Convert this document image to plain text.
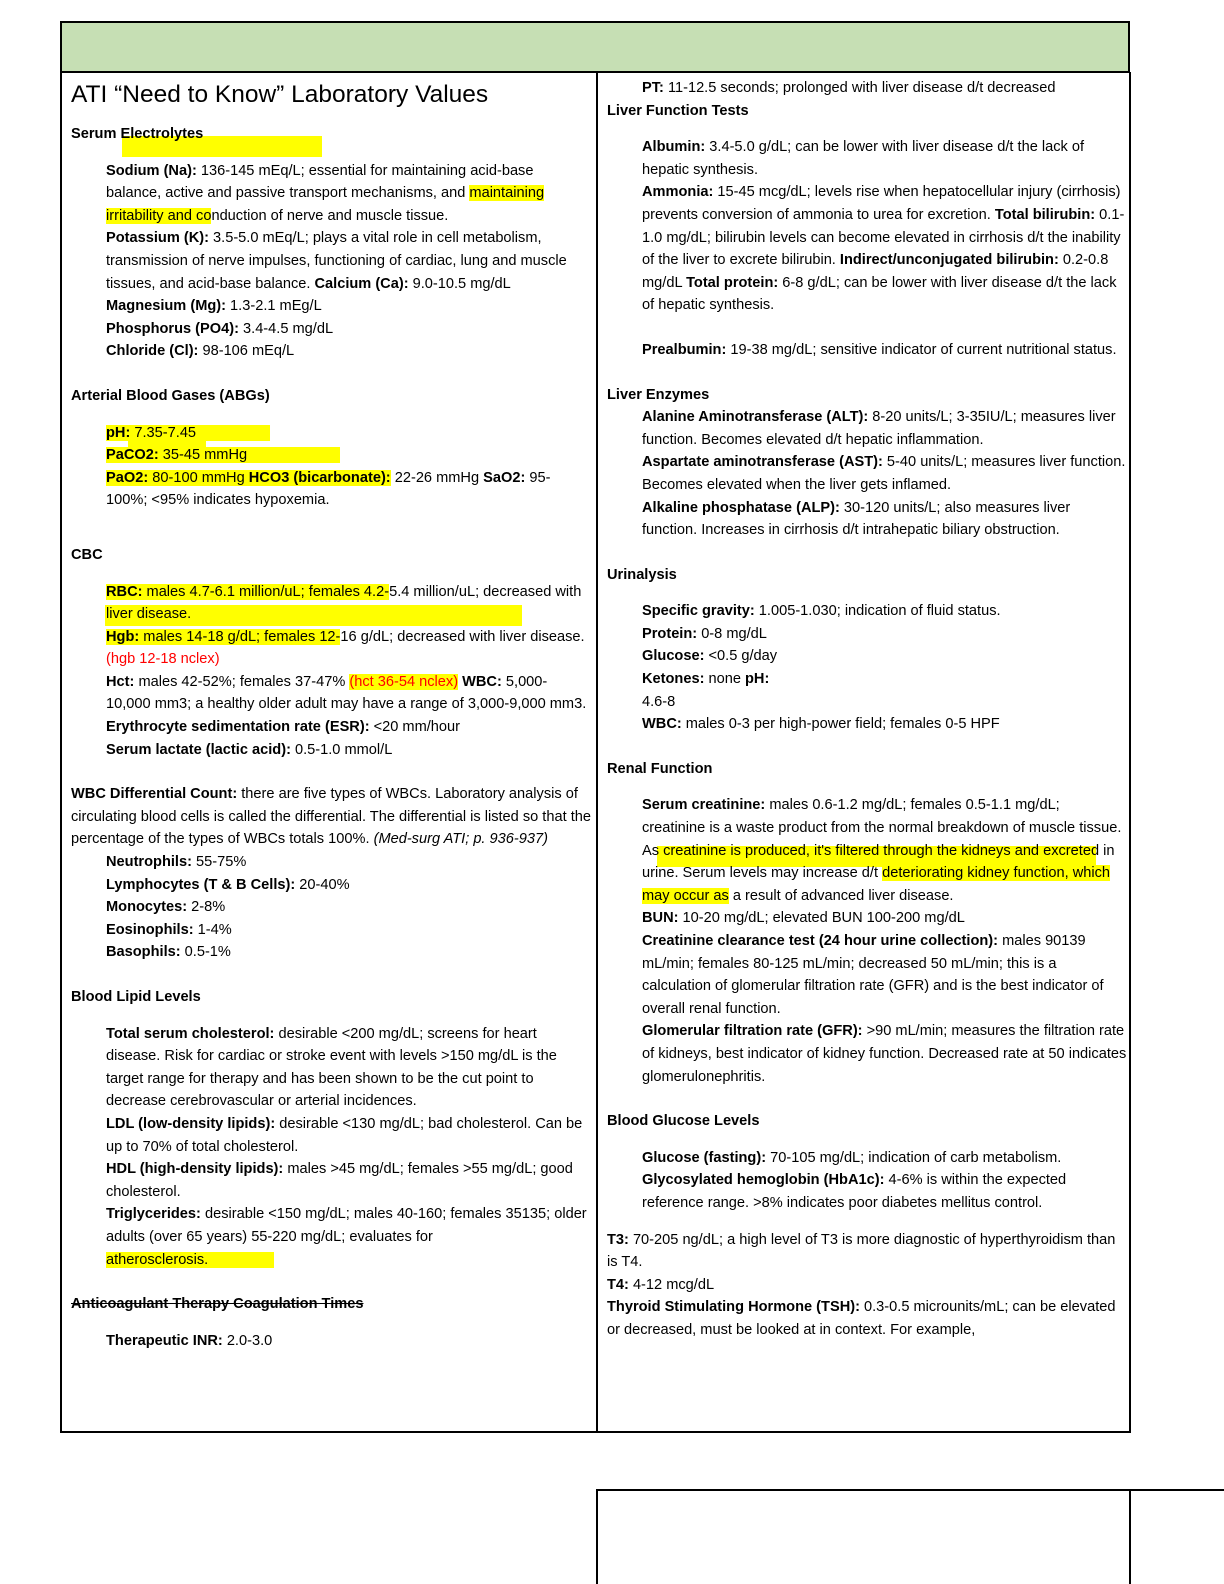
ATI “Need to Know” Laboratory Values

Serum Electrolytes

Sodium (Na): 136-145 mEq/L; essential for maintaining acid-base balance, active and passive transport mechanisms, and maintaining irritability and conduction of nerve and muscle tissue.

Potassium (K): 3.5-5.0 mEq/L; plays a vital role in cell metabolism, transmission of nerve impulses, functioning of cardiac, lung and muscle tissues, and acid-base balance. Calcium (Ca): 9.0-10.5 mg/dL

Magnesium (Mg): 1.3-2.1 mEg/L

Phosphorus (PO4): 3.4-4.5 mg/dL

Chloride (Cl): 98-106 mEq/L

Arterial Blood Gases (ABGs)

pH: 7.35-7.45

PaCO2: 35-45 mmHg

PaO2: 80-100 mmHg HCO3 (bicarbonate): 22-26 mmHg SaO2: 95-100%; <95% indicates hypoxemia.

CBC

RBC: males 4.7-6.1 million/uL; females 4.2-5.4 million/uL; decreased with liver disease.

Hgb: males 14-18 g/dL; females 12-16 g/dL; decreased with liver disease. (hgb 12-18 nclex)

Hct: males 42-52%; females 37-47% (hct 36-54 nclex) WBC: 5,000-10,000 mm3; a healthy older adult may have a range of 3,000-9,000 mm3.

Erythrocyte sedimentation rate (ESR): <20 mm/hour

Serum lactate (lactic acid): 0.5-1.0 mmol/L

WBC Differential Count: there are five types of WBCs. Laboratory analysis of circulating blood cells is called the differential. The differential is listed so that the percentage of the types of WBCs totals 100%. (Med-surg ATI; p. 936-937)

Neutrophils: 55-75%

Lymphocytes (T & B Cells): 20-40%

Monocytes: 2-8%

Eosinophils: 1-4%

Basophils: 0.5-1%

Blood Lipid Levels

Total serum cholesterol: desirable <200 mg/dL; screens for heart disease. Risk for cardiac or stroke event with levels >150 mg/dL is the target range for therapy and has been shown to be the cut point to decrease cerebrovascular or arterial incidences.

LDL (low-density lipids): desirable <130 mg/dL; bad cholesterol. Can be up to 70% of total cholesterol.

HDL (high-density lipids): males >45 mg/dL; females >55 mg/dL; good cholesterol.

Triglycerides: desirable <150 mg/dL; males 40-160; females 35135; older adults (over 65 years) 55-220 mg/dL; evaluates for atherosclerosis.

Anticoagulant Therapy Coagulation Times

Therapeutic INR: 2.0-3.0

PT: 11-12.5 seconds; prolonged with liver disease d/t decreased

Liver Function Tests

Albumin: 3.4-5.0 g/dL; can be lower with liver disease d/t the lack of hepatic synthesis.

Ammonia: 15-45 mcg/dL; levels rise when hepatocellular injury (cirrhosis) prevents conversion of ammonia to urea for excretion. Total bilirubin: 0.1-1.0 mg/dL; bilirubin levels can become elevated in cirrhosis d/t the inability of the liver to excrete bilirubin. Indirect/unconjugated bilirubin: 0.2-0.8 mg/dL Total protein: 6-8 g/dL; can be lower with liver disease d/t the lack of hepatic synthesis.

Prealbumin: 19-38 mg/dL; sensitive indicator of current nutritional status.

Liver Enzymes

Alanine Aminotransferase (ALT): 8-20 units/L; 3-35IU/L; measures liver function. Becomes elevated d/t hepatic inflammation.

Aspartate aminotransferase (AST): 5-40 units/L; measures liver function. Becomes elevated when the liver gets inflamed.

Alkaline phosphatase (ALP): 30-120 units/L; also measures liver function. Increases in cirrhosis d/t intrahepatic biliary obstruction.

Urinalysis

Specific gravity: 1.005-1.030; indication of fluid status.

Protein: 0-8 mg/dL

Glucose: <0.5 g/day

Ketones: none pH:
4.6-8

WBC: males 0-3 per high-power field; females 0-5 HPF

Renal Function

Serum creatinine: males 0.6-1.2 mg/dL; females 0.5-1.1 mg/dL; creatinine is a waste product from the normal breakdown of muscle tissue. As creatinine is produced, it's filtered through the kidneys and excreted in urine. Serum levels may increase d/t deteriorating kidney function, which may occur as a result of advanced liver disease.

BUN: 10-20 mg/dL; elevated BUN 100-200 mg/dL

Creatinine clearance test (24 hour urine collection): males 90139 mL/min; females 80-125 mL/min; decreased 50 mL/min; this is a calculation of glomerular filtration rate (GFR) and is the best indicator of overall renal function.

Glomerular filtration rate (GFR): >90 mL/min; measures the filtration rate of kidneys, best indicator of kidney function. Decreased rate at 50 indicates glomerulonephritis.

Blood Glucose Levels

Glucose (fasting): 70-105 mg/dL; indication of carb metabolism.

Glycosylated hemoglobin (HbA1c): 4-6% is within the expected reference range. >8% indicates poor diabetes mellitus control.

T3: 70-205 ng/dL; a high level of T3 is more diagnostic of hyperthyroidism than is T4.

T4: 4-12 mcg/dL

Thyroid Stimulating Hormone (TSH): 0.3-0.5 microunits/mL; can be elevated or decreased, must be looked at in context. For example,
